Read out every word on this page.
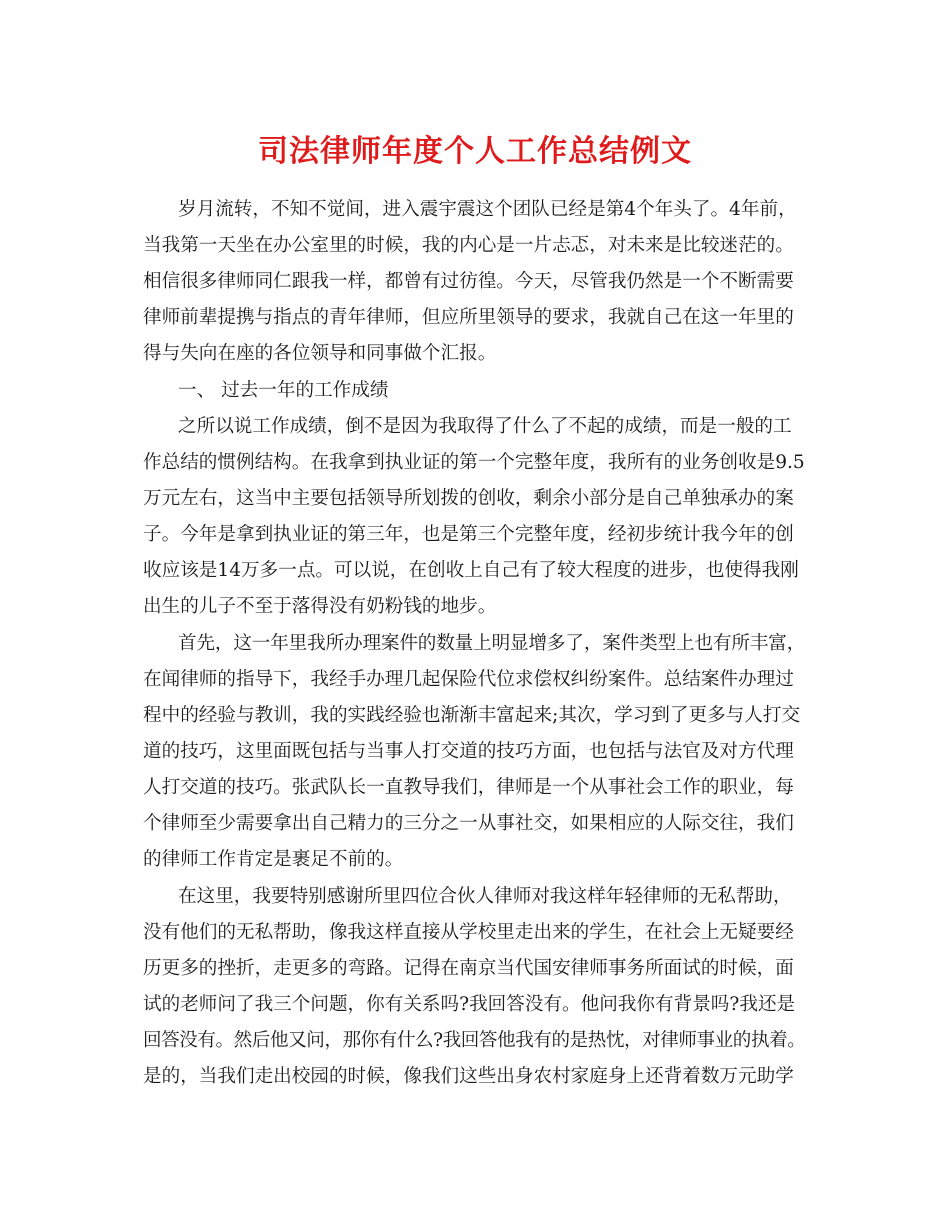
司法律师年度个人工作总结例文
岁月流转，不知不觉间，进入震宇震这个团队已经是第4个年头了。4年前，
当我第一天坐在办公室里的时候，我的内心是一片忐忑，对未来是比较迷茫的。
相信很多律师同仁跟我一样，都曾有过彷徨。今天，尽管我仍然是一个不断需要
律师前辈提携与指点的青年律师，但应所里领导的要求，我就自己在这一年里的
得与失向在座的各位领导和同事做个汇报。
一、 过去一年的工作成绩
之所以说工作成绩，倒不是因为我取得了什么了不起的成绩，而是一般的工
作总结的惯例结构。在我拿到执业证的第一个完整年度，我所有的业务创收是9.5
万元左右，这当中主要包括领导所划拨的创收，剩余小部分是自己单独承办的案
子。今年是拿到执业证的第三年，也是第三个完整年度，经初步统计我今年的创
收应该是14万多一点。可以说，在创收上自己有了较大程度的进步，也使得我刚
出生的儿子不至于落得没有奶粉钱的地步。
首先，这一年里我所办理案件的数量上明显增多了，案件类型上也有所丰富，
在闻律师的指导下，我经手办理几起保险代位求偿权纠纷案件。总结案件办理过
程中的经验与教训，我的实践经验也渐渐丰富起来;其次，学习到了更多与人打交
道的技巧，这里面既包括与当事人打交道的技巧方面，也包括与法官及对方代理
人打交道的技巧。张武队长一直教导我们，律师是一个从事社会工作的职业，每
个律师至少需要拿出自己精力的三分之一从事社交，如果相应的人际交往，我们
的律师工作肯定是裹足不前的。
在这里，我要特别感谢所里四位合伙人律师对我这样年轻律师的无私帮助，
没有他们的无私帮助，像我这样直接从学校里走出来的学生，在社会上无疑要经
历更多的挫折，走更多的弯路。记得在南京当代国安律师事务所面试的时候，面
试的老师问了我三个问题，你有关系吗?我回答没有。他问我你有背景吗?我还是
回答没有。然后他又问，那你有什么?我回答他我有的是热忱，对律师事业的执着。
是的，当我们走出校园的时候，像我们这些出身农村家庭身上还背着数万元助学
